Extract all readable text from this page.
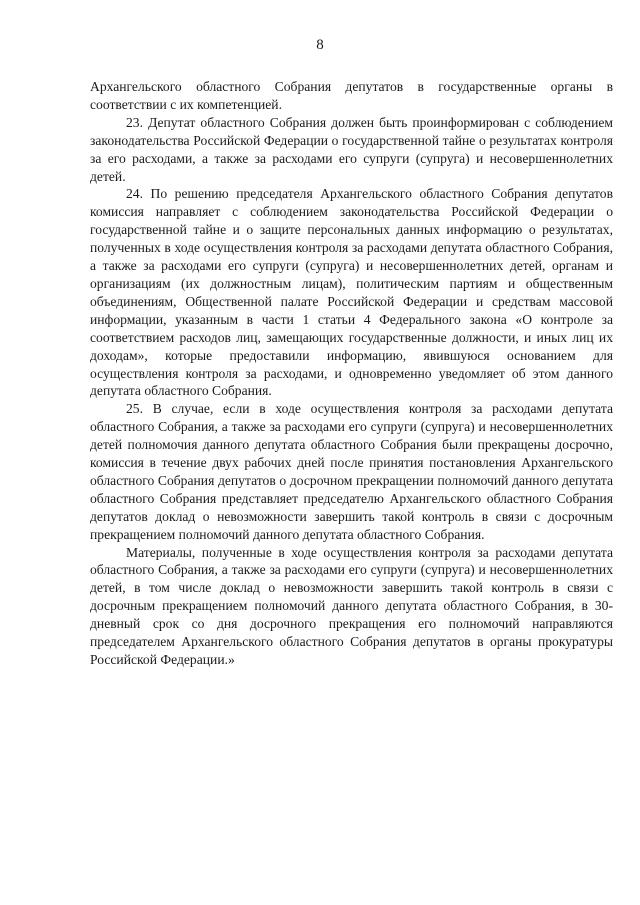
8

Архангельского областного Собрания депутатов в государственные органы в соответствии с их компетенцией.

23. Депутат областного Собрания должен быть проинформирован с соблюдением законодательства Российской Федерации о государственной тайне о результатах контроля за его расходами, а также за расходами его супруги (супруга) и несовершеннолетних детей.

24. По решению председателя Архангельского областного Собрания депутатов комиссия направляет с соблюдением законодательства Российской Федерации о государственной тайне и о защите персональных данных информацию о результатах, полученных в ходе осуществления контроля за расходами депутата областного Собрания, а также за расходами его супруги (супруга) и несовершеннолетних детей, органам и организациям (их должностным лицам), политическим партиям и общественным объединениям, Общественной палате Российской Федерации и средствам массовой информации, указанным в части 1 статьи 4 Федерального закона «О контроле за соответствием расходов лиц, замещающих государственные должности, и иных лиц их доходам», которые предоставили информацию, явившуюся основанием для осуществления контроля за расходами, и одновременно уведомляет об этом данного депутата областного Собрания.

25. В случае, если в ходе осуществления контроля за расходами депутата областного Собрания, а также за расходами его супруги (супруга) и несовершеннолетних детей полномочия данного депутата областного Собрания были прекращены досрочно, комиссия в течение двух рабочих дней после принятия постановления Архангельского областного Собрания депутатов о досрочном прекращении полномочий данного депутата областного Собрания представляет председателю Архангельского областного Собрания депутатов доклад о невозможности завершить такой контроль в связи с досрочным прекращением полномочий данного депутата областного Собрания.

Материалы, полученные в ходе осуществления контроля за расходами депутата областного Собрания, а также за расходами его супруги (супруга) и несовершеннолетних детей, в том числе доклад о невозможности завершить такой контроль в связи с досрочным прекращением полномочий данного депутата областного Собрания, в 30-дневный срок со дня досрочного прекращения его полномочий направляются председателем Архангельского областного Собрания депутатов в органы прокуратуры Российской Федерации.»
